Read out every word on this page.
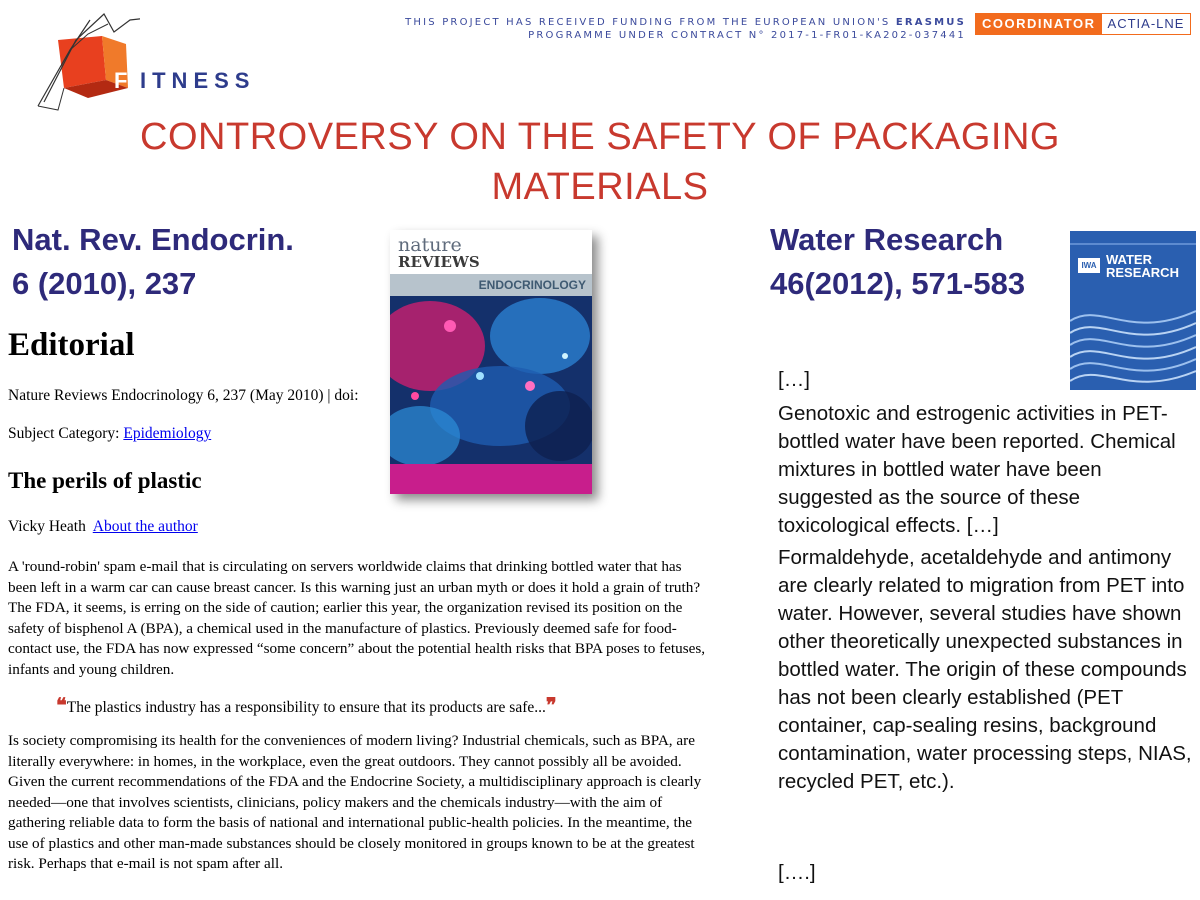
F ITNESS
THIS PROJECT HAS RECEIVED FUNDING FROM THE EUROPEAN UNION'S ERASMUS
PROGRAMME UNDER CONTRACT N° 2017-1-FR01-KA202-037441
COORDINATOR ACTIA-LNE
CONTROVERSY ON THE SAFETY OF PACKAGING
MATERIALS
Nat. Rev. Endocrin.
6 (2010), 237
Water Research
46(2012), 571-583
Editorial
Nature Reviews Endocrinology 6, 237 (May 2010) | doi:
Subject Category: Epidemiology
The perils of plastic
Vicky Heath About the author

A 'round-robin' spam e-mail that is circulating on servers worldwide claims that drinking bottled water that has been left in a warm car can cause breast cancer. Is this warning just an urban myth or does it hold a grain of truth? The FDA, it seems, is erring on the side of caution; earlier this year, the organization revised its position on the safety of bisphenol A (BPA), a chemical used in the manufacture of plastics. Previously deemed safe for food-contact use, the FDA has now expressed “some concern” about the potential health risks that BPA poses to fetuses, infants and young children.

❝The plastics industry has a responsibility to ensure that its products are safe...❞

Is society compromising its health for the conveniences of modern living? Industrial chemicals, such as BPA, are literally everywhere: in homes, in the workplace, even the great outdoors. They cannot possibly all be avoided. Given the current recommendations of the FDA and the Endocrine Society, a multidisciplinary approach is clearly needed—one that involves scientists, clinicians, policy makers and the chemicals industry—with the aim of gathering reliable data to form the basis of national and international public-health policies. In the meantime, the use of plastics and other man-made substances should be closely monitored in groups known to be at the greatest risk. Perhaps that e-mail is not spam after all.

nature
REVIEWS
ENDOCRINOLOGY
IWA WATER
RESEARCH
[…]

Genotoxic and estrogenic activities in PET-bottled water have been reported. Chemical mixtures in bottled water have been suggested as the source of these toxicological effects. […]

Formaldehyde, acetaldehyde and antimony are clearly related to migration from PET into water. However, several studies have shown other theoretically unexpected substances in bottled water. The origin of these compounds has not been clearly established (PET container, cap-sealing resins, background contamination, water processing steps, NIAS, recycled PET, etc.).

[….]
